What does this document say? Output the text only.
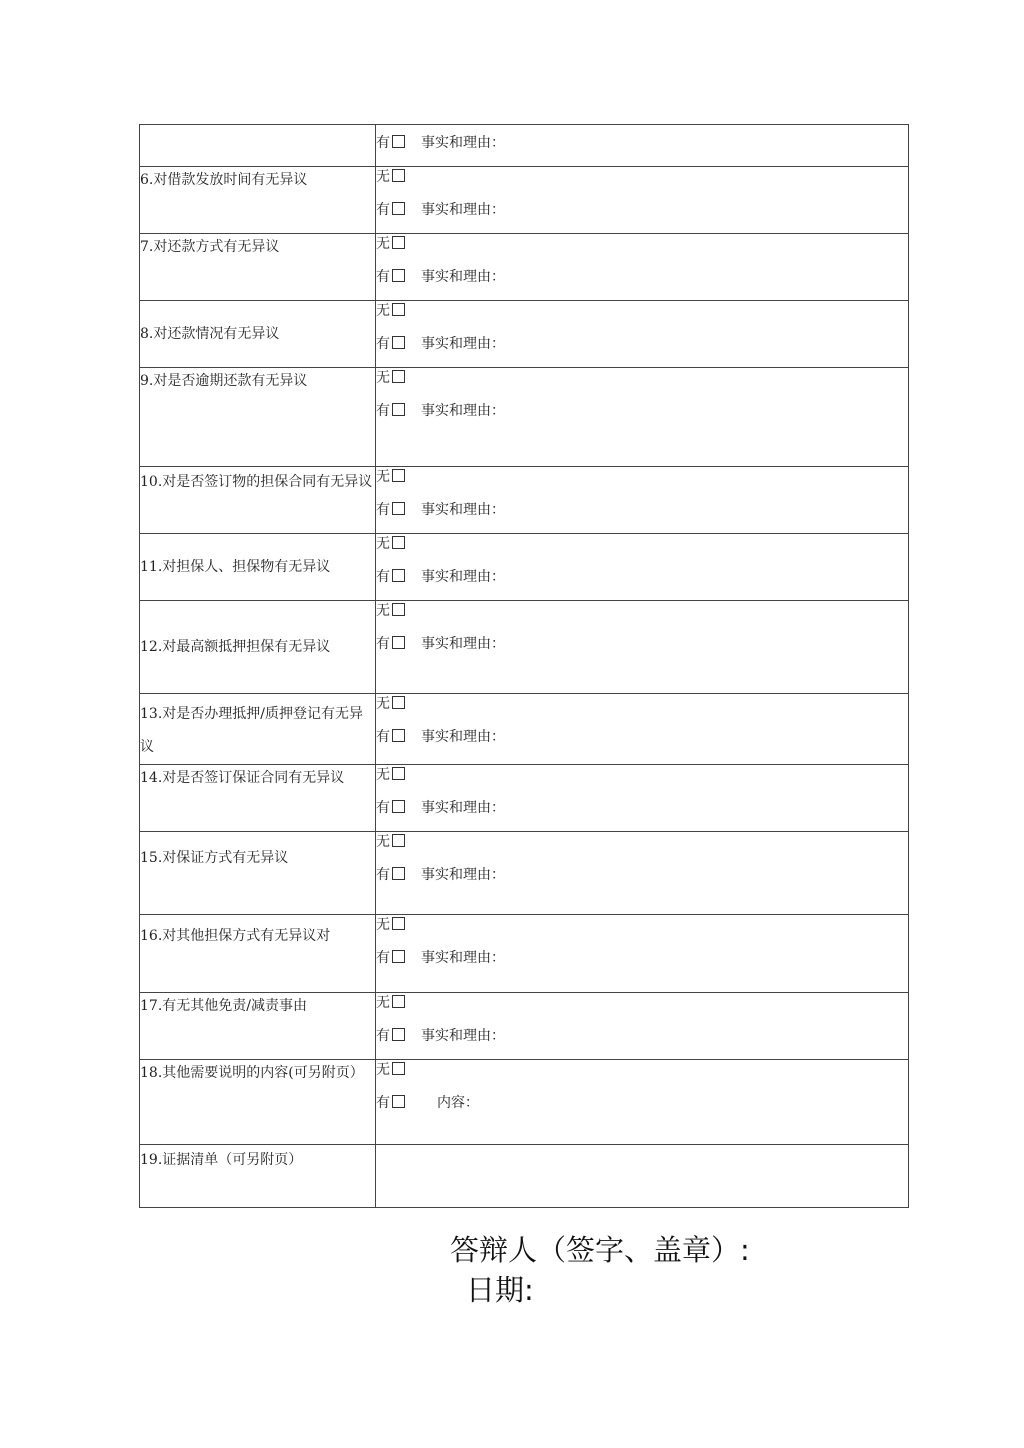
	有 事实和理由：

6.对借款发放时间有无异议	无
有 事实和理由：

7.对还款方式有无异议	无
有 事实和理由：

8.对还款情况有无异议	无
有 事实和理由：

9.对是否逾期还款有无异议	无
有 事实和理由：

10.对是否签订物的担保合同有无异议	无
有 事实和理由：

11.对担保人、担保物有无异议	无
有 事实和理由：

12.对最高额抵押担保有无异议	无
有 事实和理由：

13.对是否办理抵押/质押登记有无异议	无
有 事实和理由：

14.对是否签订保证合同有无异议	无
有 事实和理由：

15.对保证方式有无异议	无
有 事实和理由：

16.对其他担保方式有无异议对	无
有 事实和理由：

17.有无其他免责/减责事由	无
有 事实和理由：

18.其他需要说明的内容(可另附页）	无
有 内容：

19.证据清单（可另附页）	
答辩人（签字、盖章）:
日期:
